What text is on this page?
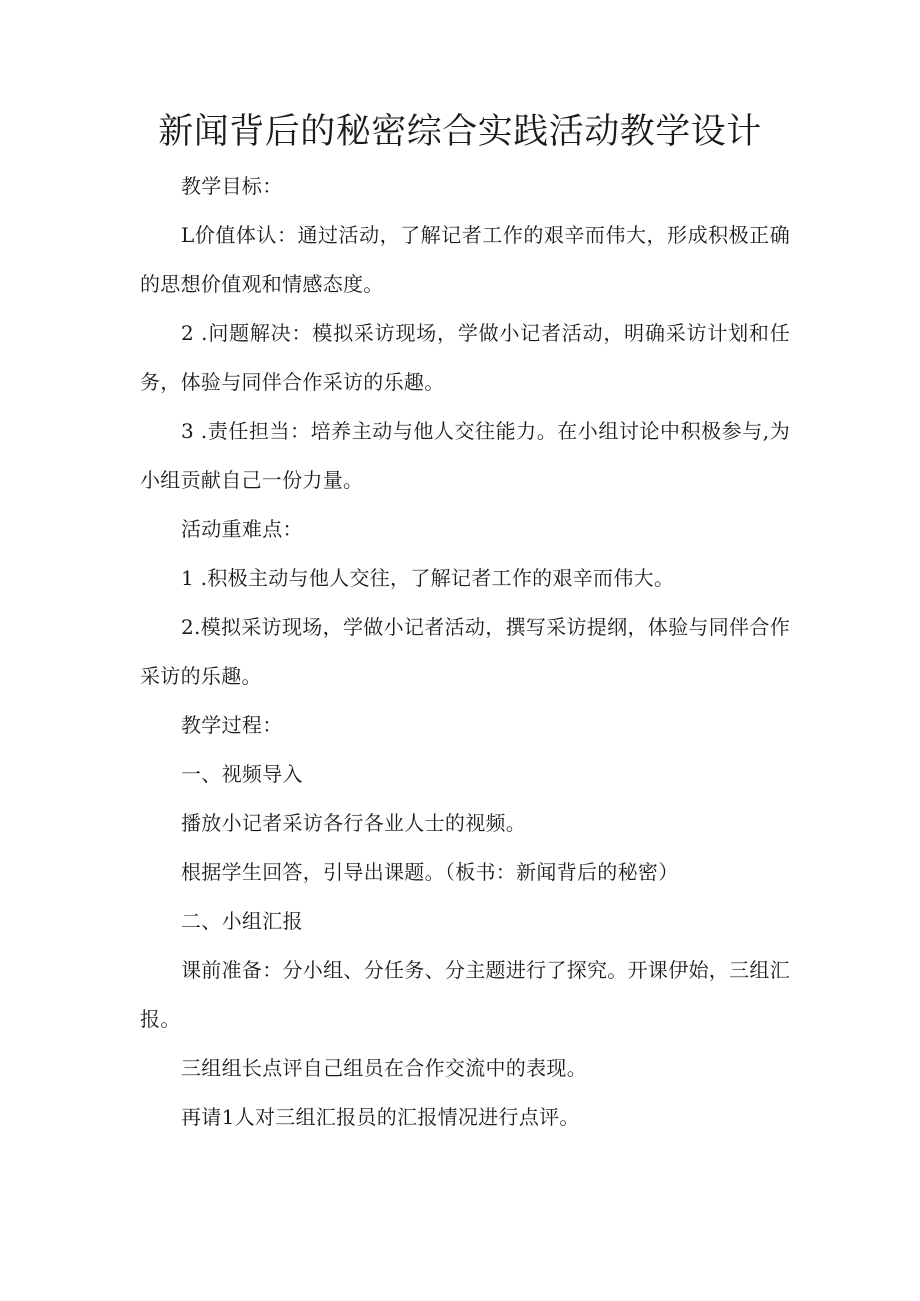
新闻背后的秘密综合实践活动教学设计

教学目标：

L价值体认：通过活动，了解记者工作的艰辛而伟大，形成积极正确的思想价值观和情感态度。

2 .问题解决：模拟采访现场，学做小记者活动，明确采访计划和任务，体验与同伴合作采访的乐趣。

3 .责任担当：培养主动与他人交往能力。在小组讨论中积极参与,为小组贡献自己一份力量。

活动重难点：

1 .积极主动与他人交往，了解记者工作的艰辛而伟大。

2.模拟采访现场，学做小记者活动，撰写采访提纲，体验与同伴合作采访的乐趣。

教学过程：

一、视频导入

播放小记者采访各行各业人士的视频。

根据学生回答，引导出课题。（板书：新闻背后的秘密）

二、小组汇报

课前准备：分小组、分任务、分主题进行了探究。开课伊始，三组汇报。

三组组长点评自己组员在合作交流中的表现。

再请1人对三组汇报员的汇报情况进行点评。
